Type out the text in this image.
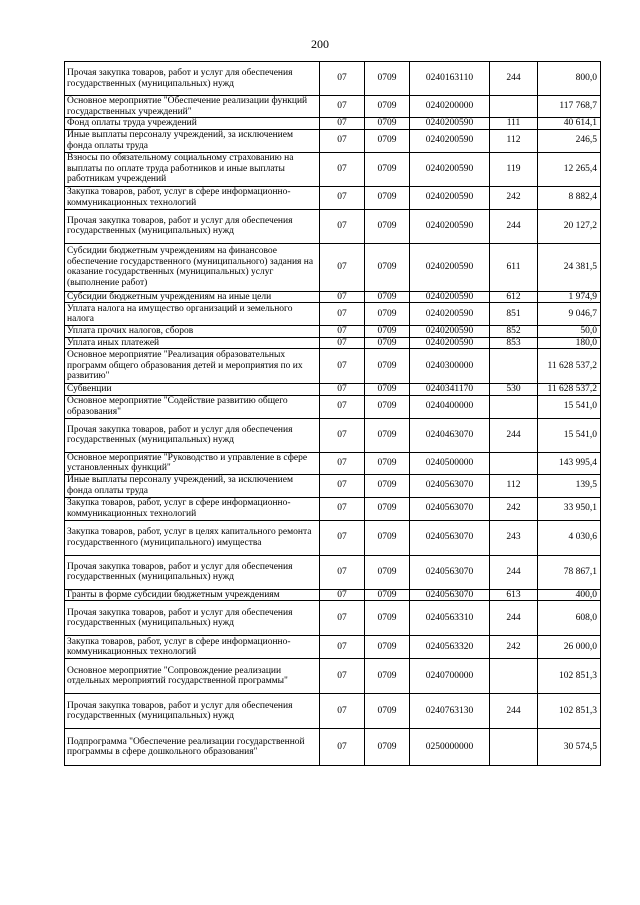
200
Прочая закупка товаров, работ и услуг для обеспечения государственных (муниципальных) нужд	07	0709	0240163110	244	800,0
Основное мероприятие "Обеспечение реализации функций государственных учреждений"	07	0709	0240200000		117 768,7
Фонд оплаты труда учреждений	07	0709	0240200590	111	40 614,1
Иные выплаты персоналу учреждений, за исключением фонда оплаты труда	07	0709	0240200590	112	246,5
Взносы по обязательному социальному страхованию на выплаты по оплате труда работников и иные выплаты работникам учреждений	07	0709	0240200590	119	12 265,4
Закупка товаров, работ, услуг в сфере информационно-коммуникационных технологий	07	0709	0240200590	242	8 882,4
Прочая закупка товаров, работ и услуг для обеспечения государственных (муниципальных) нужд	07	0709	0240200590	244	20 127,2
Субсидии бюджетным учреждениям на финансовое обеспечение государственного (муниципального) задания на оказание государственных (муниципальных) услуг (выполнение работ)	07	0709	0240200590	611	24 381,5
Субсидии бюджетным учреждениям на иные цели	07	0709	0240200590	612	1 974,9
Уплата налога на имущество организаций и земельного налога	07	0709	0240200590	851	9 046,7
Уплата прочих налогов, сборов	07	0709	0240200590	852	50,0
Уплата иных платежей	07	0709	0240200590	853	180,0
Основное мероприятие "Реализация образовательных программ общего образования детей и мероприятия по их развитию"	07	0709	0240300000		11 628 537,2
Субвенции	07	0709	0240341170	530	11 628 537,2
Основное мероприятие "Содействие развитию общего образования"	07	0709	0240400000		15 541,0
Прочая закупка товаров, работ и услуг для обеспечения государственных (муниципальных) нужд	07	0709	0240463070	244	15 541,0
Основное мероприятие "Руководство и управление в сфере установленных функций"	07	0709	0240500000		143 995,4
Иные выплаты персоналу учреждений, за исключением фонда оплаты труда	07	0709	0240563070	112	139,5
Закупка товаров, работ, услуг в сфере информационно-коммуникационных технологий	07	0709	0240563070	242	33 950,1
Закупка товаров, работ, услуг в целях капитального ремонта государственного (муниципального) имущества	07	0709	0240563070	243	4 030,6
Прочая закупка товаров, работ и услуг для обеспечения государственных (муниципальных) нужд	07	0709	0240563070	244	78 867,1
Гранты в форме субсидии бюджетным учреждениям	07	0709	0240563070	613	400,0
Прочая закупка товаров, работ и услуг для обеспечения государственных (муниципальных) нужд	07	0709	0240563310	244	608,0
Закупка товаров, работ, услуг в сфере информационно-коммуникационных технологий	07	0709	0240563320	242	26 000,0
Основное мероприятие "Сопровождение реализации отдельных мероприятий государственной программы"	07	0709	0240700000		102 851,3
Прочая закупка товаров, работ и услуг для обеспечения государственных (муниципальных) нужд	07	0709	0240763130	244	102 851,3
Подпрограмма "Обеспечение реализации государственной программы в сфере дошкольного образования"	07	0709	0250000000		30 574,5
